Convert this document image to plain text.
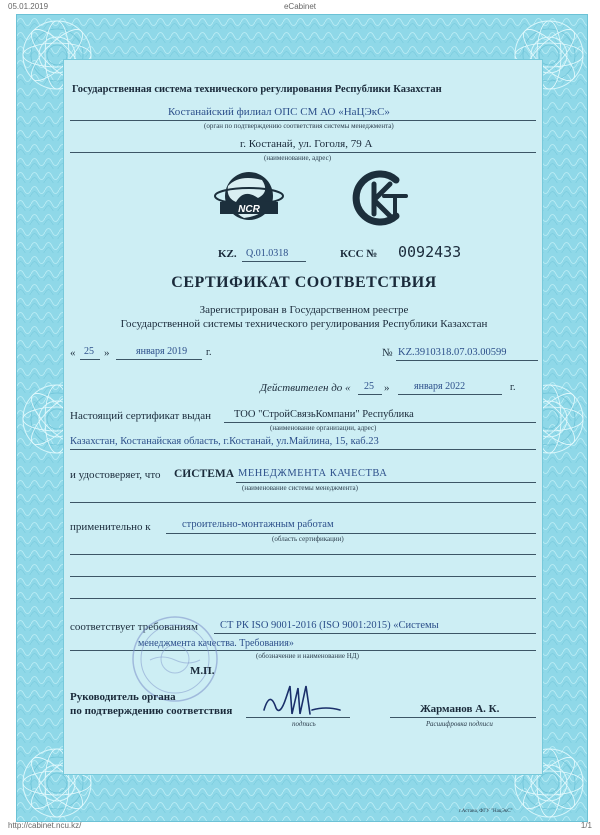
05.01.2019	eCabinet
Государственная система технического регулирования Республики Казахстан
Костанайский филиал ОПС СМ АО «НаЦЭкС»
(орган по подтверждению соответствия системы менеджмента)
г. Костанай, ул. Гоголя, 79 А
(наименование, адрес)
NCR
KZ
KZ. Q.01.0318	КСС № 0092433
СЕРТИФИКАТ СООТВЕТСТВИЯ
Зарегистрирован в Государственном реестре
Государственной системы технического регулирования Республики Казахстан
« 25 »	января 2019 г.	№ KZ.3910318.07.03.00599
Действителен до « 25 » января 2022	г.
Настоящий сертификат выдан ТОО "СтройСвязьКомпани" Республика
(наименование организации, адрес)
Казахстан, Костанайская область, г.Костанай, ул.Майлина, 15, каб.23
и удостоверяет, что СИСТЕМА МЕНЕДЖМЕНТА КАЧЕСТВА
(наименование системы менеджмента)
применительно к	строительно-монтажным работам
(область сертификации)
соответствует требованиям СТ РК ISO 9001-2016 (ISO 9001:2015) «Системы
менеджмента качества. Требования»
(обозначение и наименование НД)
М.П.
Руководитель органа
по подтверждению соответствия
подпись
Жарманов А. К.
Расшифровка подписи
г.Астана, ФГУ "НацЭкС"
http://cabinet.ncu.kz/	1/1
